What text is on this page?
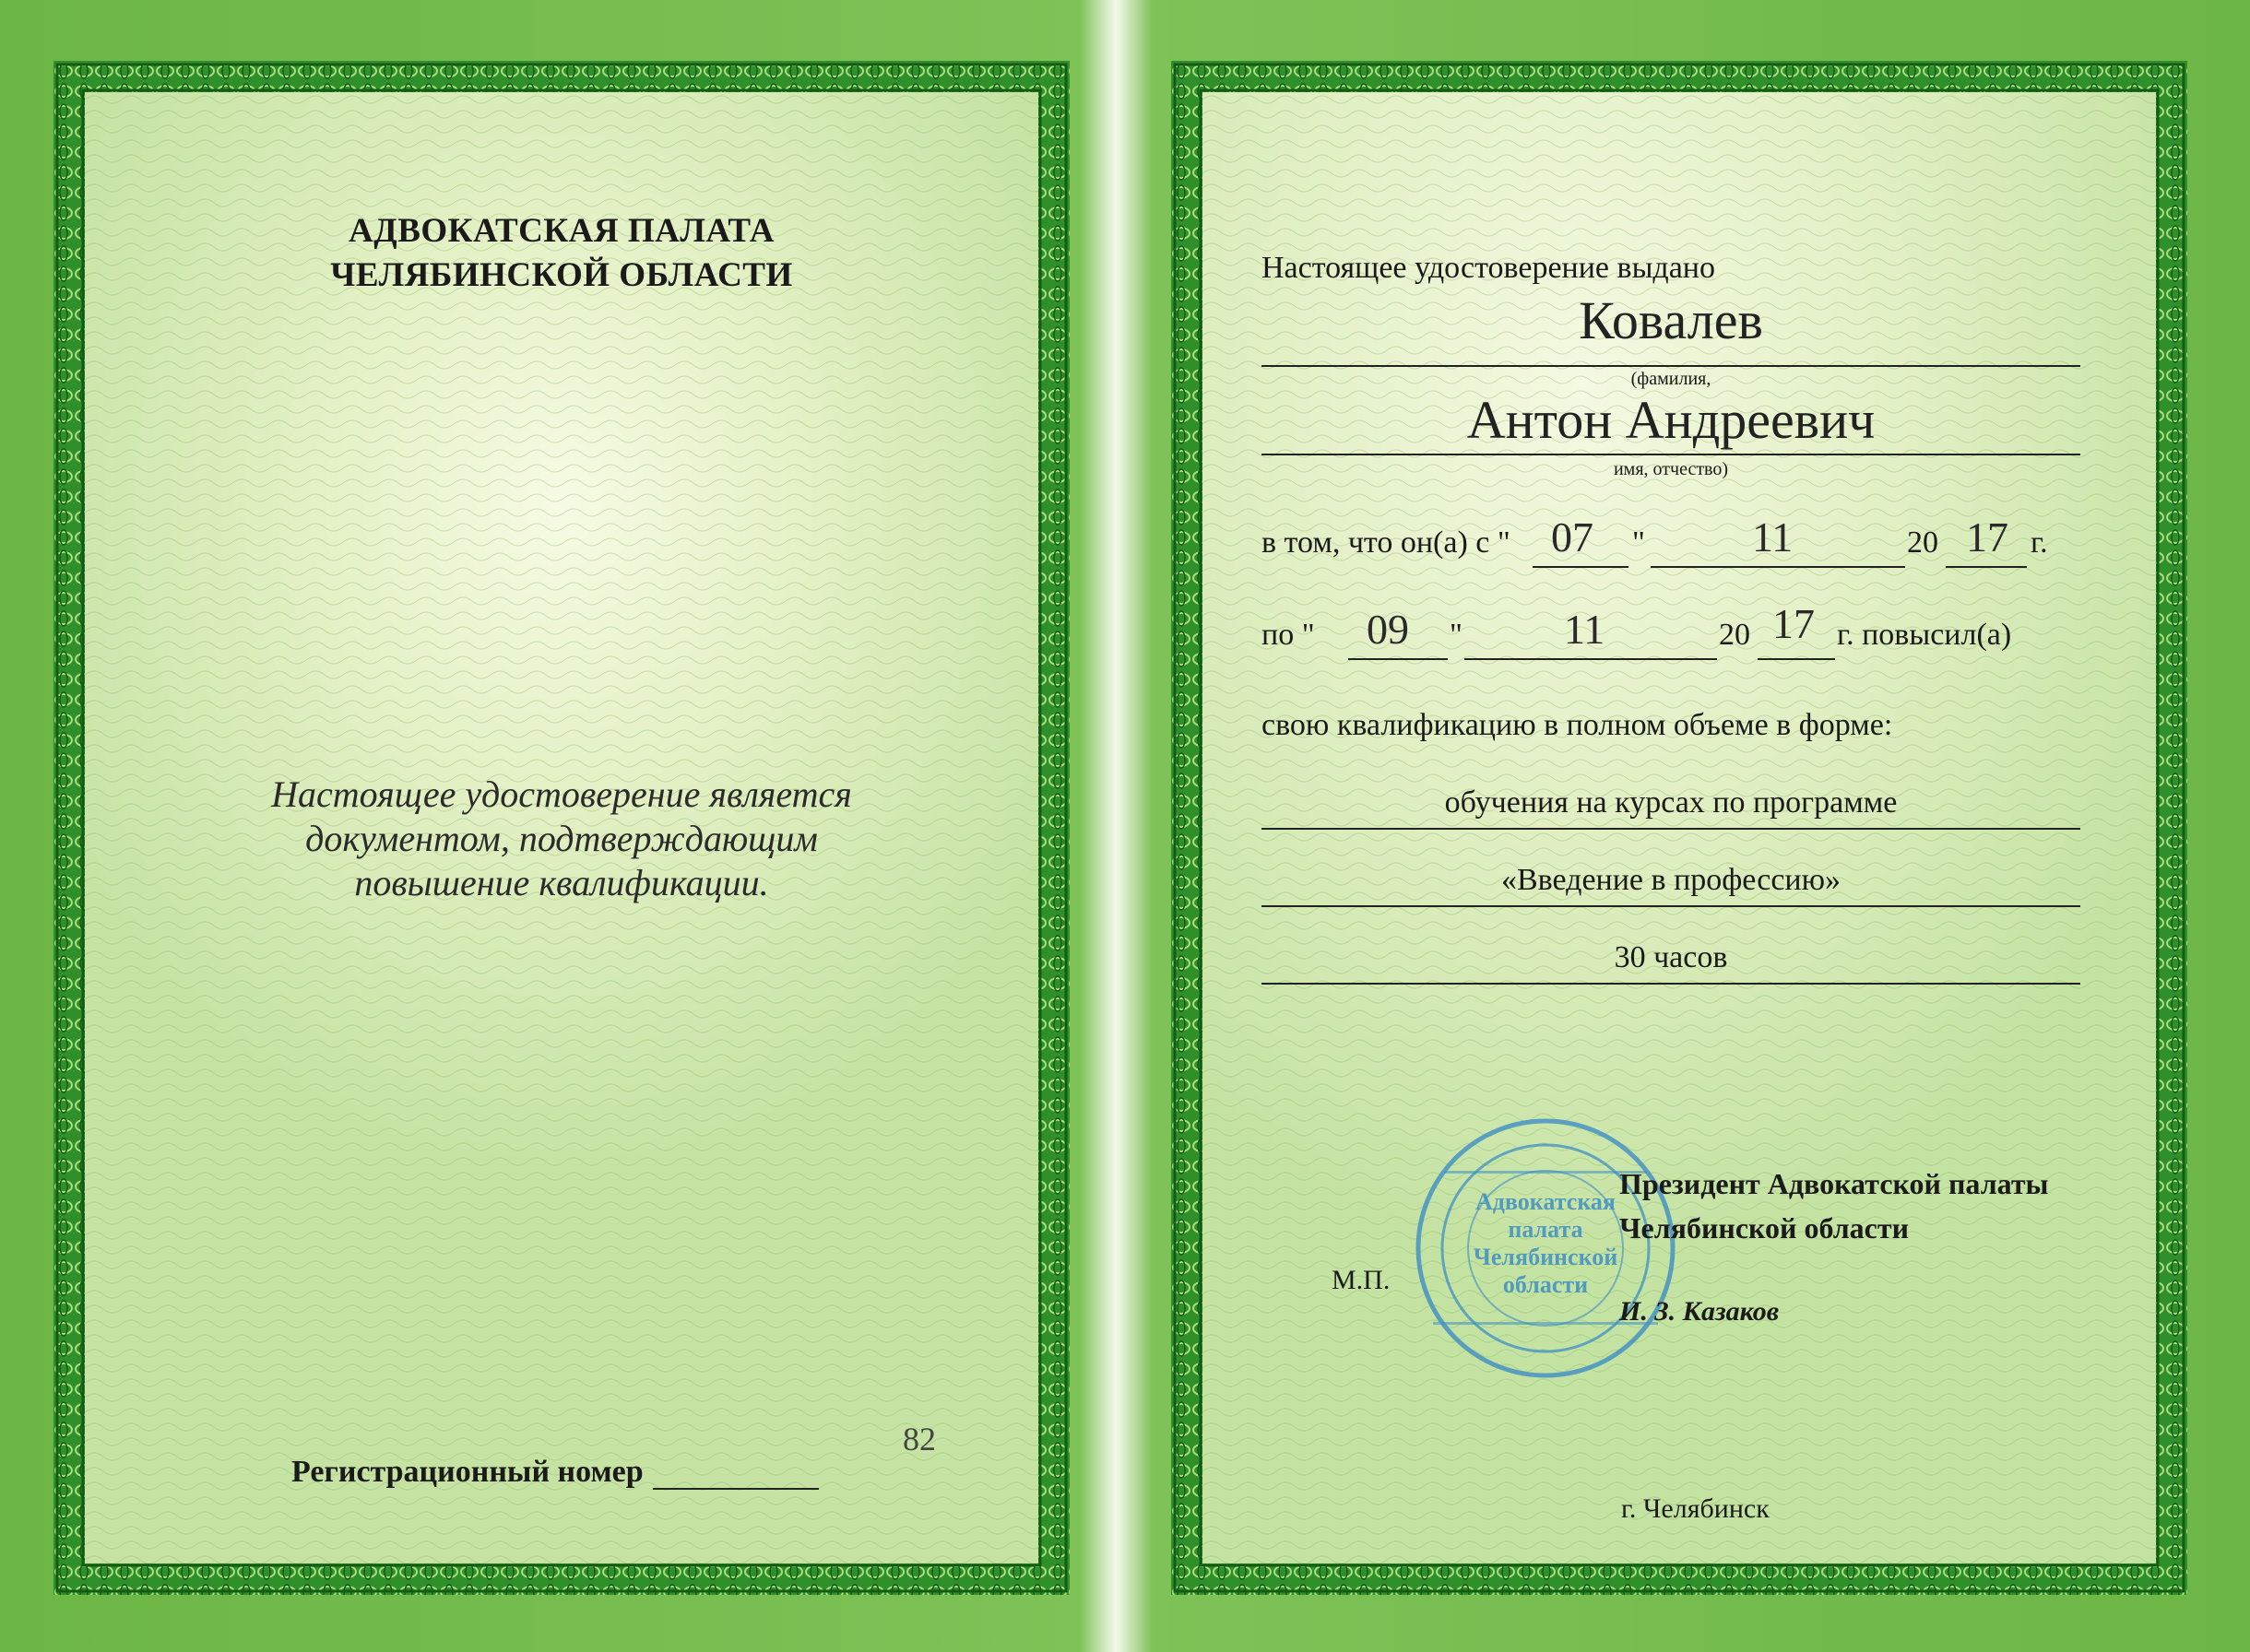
АДВОКАТСКАЯ ПАЛАТА
ЧЕЛЯБИНСКОЙ ОБЛАСТИ
Настоящее удостоверение является
документом, подтверждающим
повышение квалификации.
82
Регистрационный номер
Настоящее удостоверение выдано
Ковалев
(фамилия,
Антон Андреевич
имя, отчество)
в том, что он(а) с " 07 "	11	20 17 г.
по " 09 " 11	20 17 г. повысил(а)
свою квалификацию в полном объеме в форме:
обучения на курсах по программе
«Введение в профессию»
30 часов
Адвокатская
палата
Челябинской
области
М.П.
Президент Адвокатской палаты
Челябинской области
И. З. Казаков
г. Челябинск
